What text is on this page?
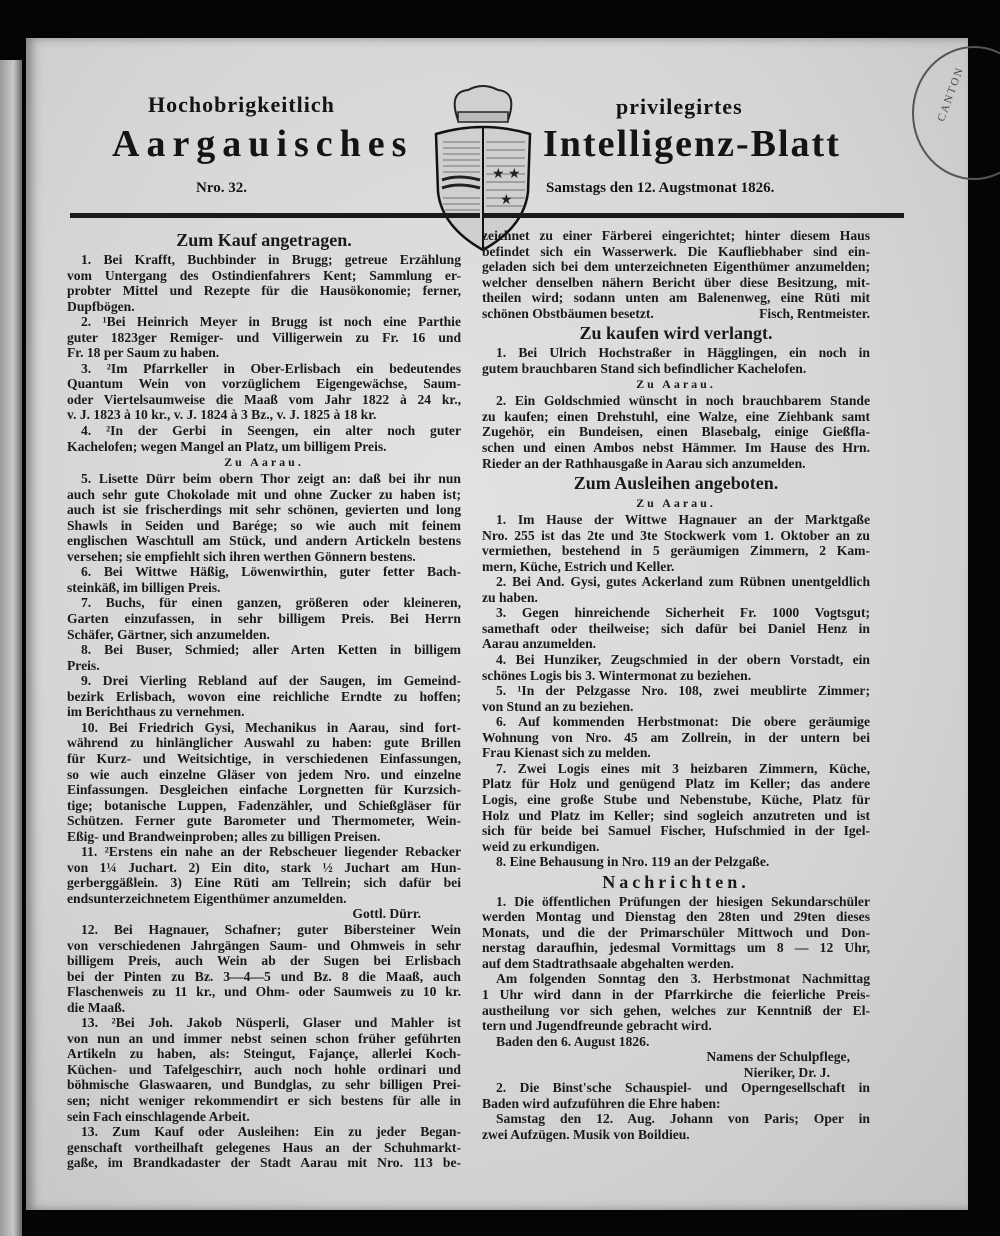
Hochobrigkeitlich
Aargauisches
Nro. 32.
★ ★
★
privilegirtes
Intelligenz-Blatt
Samstags den 12. Augstmonat 1826.
CANTON
Zum Kauf angetragen.
1. Bei Krafft, Buchbinder in Brugg; getreue Erzählung
vom Untergang des Ostindienfahrers Kent; Sammlung er-
probter Mittel und Rezepte für die Hausökonomie; ferner,
Dupfbögen.
2. ¹Bei Heinrich Meyer in Brugg ist noch eine Parthie
guter 1823ger Remiger- und Villigerwein zu Fr. 16 und
Fr. 18 per Saum zu haben.
3. ²Im Pfarrkeller in Ober-Erlisbach ein bedeutendes
Quantum Wein von vorzüglichem Eigengewächse, Saum-
oder Viertelsaumweise die Maaß vom Jahr 1822 à 24 kr.,
v. J. 1823 à 10 kr., v. J. 1824 à 3 Bz., v. J. 1825 à 18 kr.
4. ²In der Gerbi in Seengen, ein alter noch guter
Kachelofen; wegen Mangel an Platz, um billigem Preis.
Zu Aarau.
5. Lisette Dürr beim obern Thor zeigt an: daß bei ihr nun
auch sehr gute Chokolade mit und ohne Zucker zu haben ist;
auch ist sie frischerdings mit sehr schönen, gevierten und long
Shawls in Seiden und Barége; so wie auch mit feinem
englischen Waschtull am Stück, und andern Artickeln bestens
versehen; sie empfiehlt sich ihren werthen Gönnern bestens.
6. Bei Wittwe Häßig, Löwenwirthin, guter fetter Bach-
steinkäß, im billigen Preis.
7. Buchs, für einen ganzen, größeren oder kleineren,
Garten einzufassen, in sehr billigem Preis. Bei Herrn
Schäfer, Gärtner, sich anzumelden.
8. Bei Buser, Schmied; aller Arten Ketten in billigem
Preis.
9. Drei Vierling Rebland auf der Saugen, im Gemeind-
bezirk Erlisbach, wovon eine reichliche Erndte zu hoffen;
im Berichthaus zu vernehmen.
10. Bei Friedrich Gysi, Mechanikus in Aarau, sind fort-
während zu hinlänglicher Auswahl zu haben: gute Brillen
für Kurz- und Weitsichtige, in verschiedenen Einfassungen,
so wie auch einzelne Gläser von jedem Nro. und einzelne
Einfassungen. Desgleichen einfache Lorgnetten für Kurzsich-
tige; botanische Luppen, Fadenzähler, und Schießgläser für
Schützen. Ferner gute Barometer und Thermometer, Wein-
Eßig- und Brandweinproben; alles zu billigen Preisen.
11. ²Erstens ein nahe an der Rebscheuer liegender Rebacker
von 1¼ Juchart. 2) Ein dito, stark ½ Juchart am Hun-
gerberggäßlein. 3) Eine Rüti am Tellrein; sich dafür bei
endsunterzeichnetem Eigenthümer anzumelden.
Gottl. Dürr.
12. Bei Hagnauer, Schafner; guter Bibersteiner Wein
von verschiedenen Jahrgängen Saum- und Ohmweis in sehr
billigem Preis, auch Wein ab der Sugen bei Erlisbach
bei der Pinten zu Bz. 3—4—5 und Bz. 8 die Maaß, auch
Flaschenweis zu 11 kr., und Ohm- oder Saumweis zu 10 kr.
die Maaß.
13. ²Bei Joh. Jakob Nüsperli, Glaser und Mahler ist
von nun an und immer nebst seinen schon früher geführten
Artikeln zu haben, als: Steingut, Fajançe, allerlei Koch-
Küchen- und Tafelgeschirr, auch noch hohle ordinari und
böhmische Glaswaaren, und Bundglas, zu sehr billigen Prei-
sen; nicht weniger rekommendirt er sich bestens für alle in
sein Fach einschlagende Arbeit.
13. Zum Kauf oder Ausleihen: Ein zu jeder Began-
genschaft vortheilhaft gelegenes Haus an der Schuhmarkt-
gaße, im Brandkadaster der Stadt Aarau mit Nro. 113 be-
zeichnet zu einer Färberei eingerichtet; hinter diesem Haus
befindet sich ein Wasserwerk. Die Kaufliebhaber sind ein-
geladen sich bei dem unterzeichneten Eigenthümer anzumelden;
welcher denselben nähern Bericht über diese Besitzung, mit-
theilen wird; sodann unten am Balenenweg, eine Rüti mit
schönen Obstbäumen besetzt.	Fisch, Rentmeister.
Zu kaufen wird verlangt.
1. Bei Ulrich Hochstraßer in Hägglingen, ein noch in
gutem brauchbaren Stand sich befindlicher Kachelofen.
Zu Aarau.
2. Ein Goldschmied wünscht in noch brauchbarem Stande
zu kaufen; einen Drehstuhl, eine Walze, eine Ziehbank samt
Zugehör, ein Bundeisen, einen Blasebalg, einige Gießfla-
schen und einen Ambos nebst Hämmer. Im Hause des Hrn.
Rieder an der Rathhausgaße in Aarau sich anzumelden.
Zum Ausleihen angeboten.
Zu Aarau.
1. Im Hause der Wittwe Hagnauer an der Marktgaße
Nro. 255 ist das 2te und 3te Stockwerk vom 1. Oktober an zu
vermiethen, bestehend in 5 geräumigen Zimmern, 2 Kam-
mern, Küche, Estrich und Keller.
2. Bei And. Gysi, gutes Ackerland zum Rübnen unentgeldlich
zu haben.
3. Gegen hinreichende Sicherheit Fr. 1000 Vogtsgut;
samethaft oder theilweise; sich dafür bei Daniel Henz in
Aarau anzumelden.
4. Bei Hunziker, Zeugschmied in der obern Vorstadt, ein
schönes Logis bis 3. Wintermonat zu beziehen.
5. ¹In der Pelzgasse Nro. 108, zwei meublirte Zimmer;
von Stund an zu beziehen.
6. Auf kommenden Herbstmonat: Die obere geräumige
Wohnung von Nro. 45 am Zollrein, in der untern bei
Frau Kienast sich zu melden.
7. Zwei Logis eines mit 3 heizbaren Zimmern, Küche,
Platz für Holz und genügend Platz im Keller; das andere
Logis, eine große Stube und Nebenstube, Küche, Platz für
Holz und Platz im Keller; sind sogleich anzutreten und ist
sich für beide bei Samuel Fischer, Hufschmied in der Igel-
weid zu erkundigen.
8. Eine Behausung in Nro. 119 an der Pelzgaße.
Nachrichten.
1. Die öffentlichen Prüfungen der hiesigen Sekundarschüler
werden Montag und Dienstag den 28ten und 29ten dieses
Monats, und die der Primarschüler Mittwoch und Don-
nerstag daraufhin, jedesmal Vormittags um 8 — 12 Uhr,
auf dem Stadtrathsaale abgehalten werden.
Am folgenden Sonntag den 3. Herbstmonat Nachmittag
1 Uhr wird dann in der Pfarrkirche die feierliche Preis-
austheilung vor sich gehen, welches zur Kenntniß der El-
tern und Jugendfreunde gebracht wird.
Baden den 6. August 1826.
Namens der Schulpflege,
Nieriker, Dr. J.
2. Die Binst'sche Schauspiel- und Operngesellschaft in
Baden wird aufzuführen die Ehre haben:
Samstag den 12. Aug. Johann von Paris; Oper in
zwei Aufzügen. Musik von Boildieu.
